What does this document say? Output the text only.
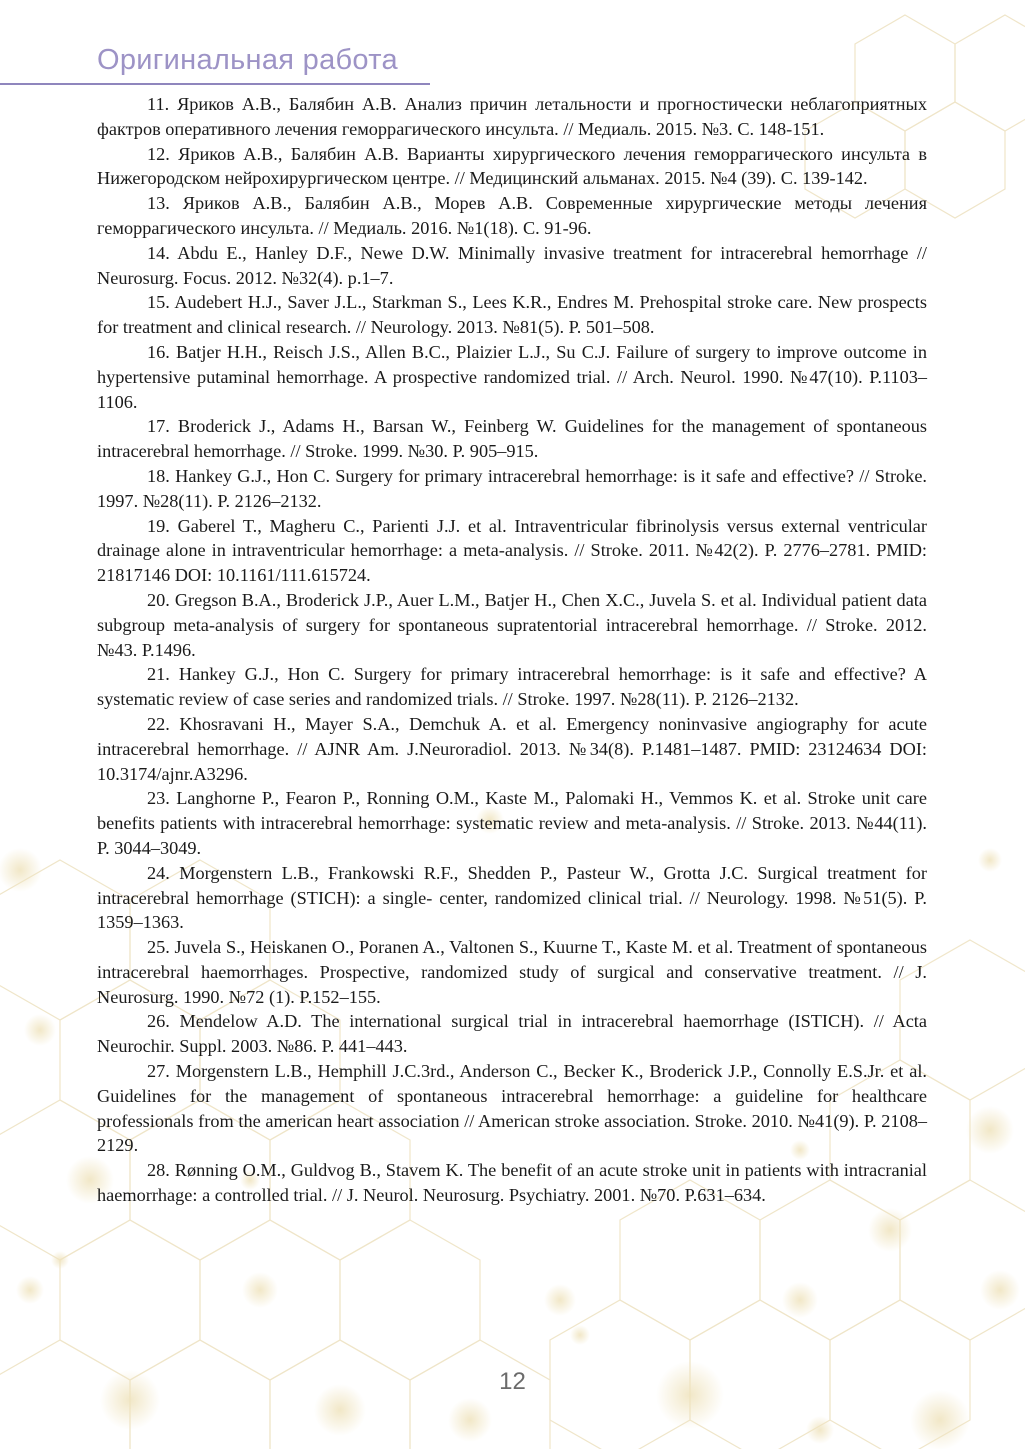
Оригинальная работа
11. Яриков А.В., Балябин А.В. Анализ причин летальности и прогностически неблагоприятных фактров оперативного лечения геморрагического инсульта. // Медиаль. 2015. №3. С. 148-151.
12. Яриков А.В., Балябин А.В. Варианты хирургического лечения геморрагического инсульта в Нижегородском нейрохирургическом центре. // Медицинский альманах. 2015. №4 (39). С. 139-142.
13. Яриков А.В., Балябин А.В., Морев А.В. Современные хирургические методы лечения геморрагического инсульта. // Медиаль. 2016. №1(18). С. 91-96.
14. Abdu E., Hanley D.F., Newe D.W. Minimally invasive treatment for intracerebral hemorrhage // Neurosurg. Focus. 2012. №32(4). p.1–7.
15. Audebert H.J., Saver J.L., Starkman S., Lees K.R., Endres M. Prehospital stroke care. New prospects for treatment and clinical research. // Neurology. 2013. №81(5). P. 501–508.
16. Batjer H.H., Reisch J.S., Allen B.C., Plaizier L.J., Su C.J. Failure of surgery to improve outcome in hypertensive putaminal hemorrhage. A prospective randomized trial. // Arch. Neurol. 1990. №47(10). P.1103–1106.
17. Broderick J., Adams H., Barsan W., Feinberg W. Guidelines for the management of spontaneous intracerebral hemorrhage. // Stroke. 1999. №30. P. 905–915.
18. Hankey G.J., Hon C. Surgery for primary intracerebral hemorrhage: is it safe and effective? // Stroke. 1997. №28(11). P. 2126–2132.
19. Gaberel T., Magheru C., Parienti J.J. et al. Intraventricular fibrinolysis versus external ventricular drainage alone in intraventricular hemorrhage: a meta-analysis. // Stroke. 2011. №42(2). P. 2776–2781. PMID: 21817146 DOI: 10.1161/111.615724.
20. Gregson B.A., Broderick J.P., Auer L.M., Batjer H., Chen X.C., Juvela S. et al. Individual patient data subgroup meta-analysis of surgery for spontaneous supratentorial intracerebral hemorrhage. // Stroke. 2012. №43. P.1496.
21. Hankey G.J., Hon C. Surgery for primary intracerebral hemorrhage: is it safe and effective? A systematic review of case series and randomized trials. // Stroke. 1997. №28(11). P. 2126–2132.
22. Khosravani H., Mayer S.A., Demchuk A. et al. Emergency noninvasive angiography for acute intracerebral hemorrhage. // AJNR Am. J.Neuroradiol. 2013. №34(8). P.1481–1487. PMID: 23124634 DOI: 10.3174/ajnr.A3296.
23. Langhorne P., Fearon P., Ronning O.M., Kaste M., Palomaki H., Vemmos K. et al. Stroke unit care benefits patients with intracerebral hemorrhage: systematic review and meta-analysis. // Stroke. 2013. №44(11). P. 3044–3049.
24. Morgenstern L.B., Frankowski R.F., Shedden P., Pasteur W., Grotta J.C. Surgical treatment for intracerebral hemorrhage (STICH): a single- center, randomized clinical trial. // Neurology. 1998. №51(5). P. 1359–1363.
25. Juvela S., Heiskanen O., Poranen A., Valtonen S., Kuurne T., Kaste M. et al. Treatment of spontaneous intracerebral haemorrhages. Prospective, randomized study of surgical and conservative treatment. // J. Neurosurg. 1990. №72 (1). P.152–155.
26. Mendelow A.D. The international surgical trial in intracerebral haemorrhage (ISTICH). // Acta Neurochir. Suppl. 2003. №86. P. 441–443.
27. Morgenstern L.B., Hemphill J.C.3rd., Anderson C., Becker K., Broderick J.P., Connolly E.S.Jr. et al. Guidelines for the management of spontaneous intracerebral hemorrhage: a guideline for healthcare professionals from the american heart association // American stroke association. Stroke. 2010. №41(9). P. 2108–2129.
28. Rønning O.M., Guldvog B., Stavem K. The benefit of an acute stroke unit in patients with intracranial haemorrhage: a controlled trial. // J. Neurol. Neurosurg. Psychiatry. 2001. №70. P.631–634.
12
